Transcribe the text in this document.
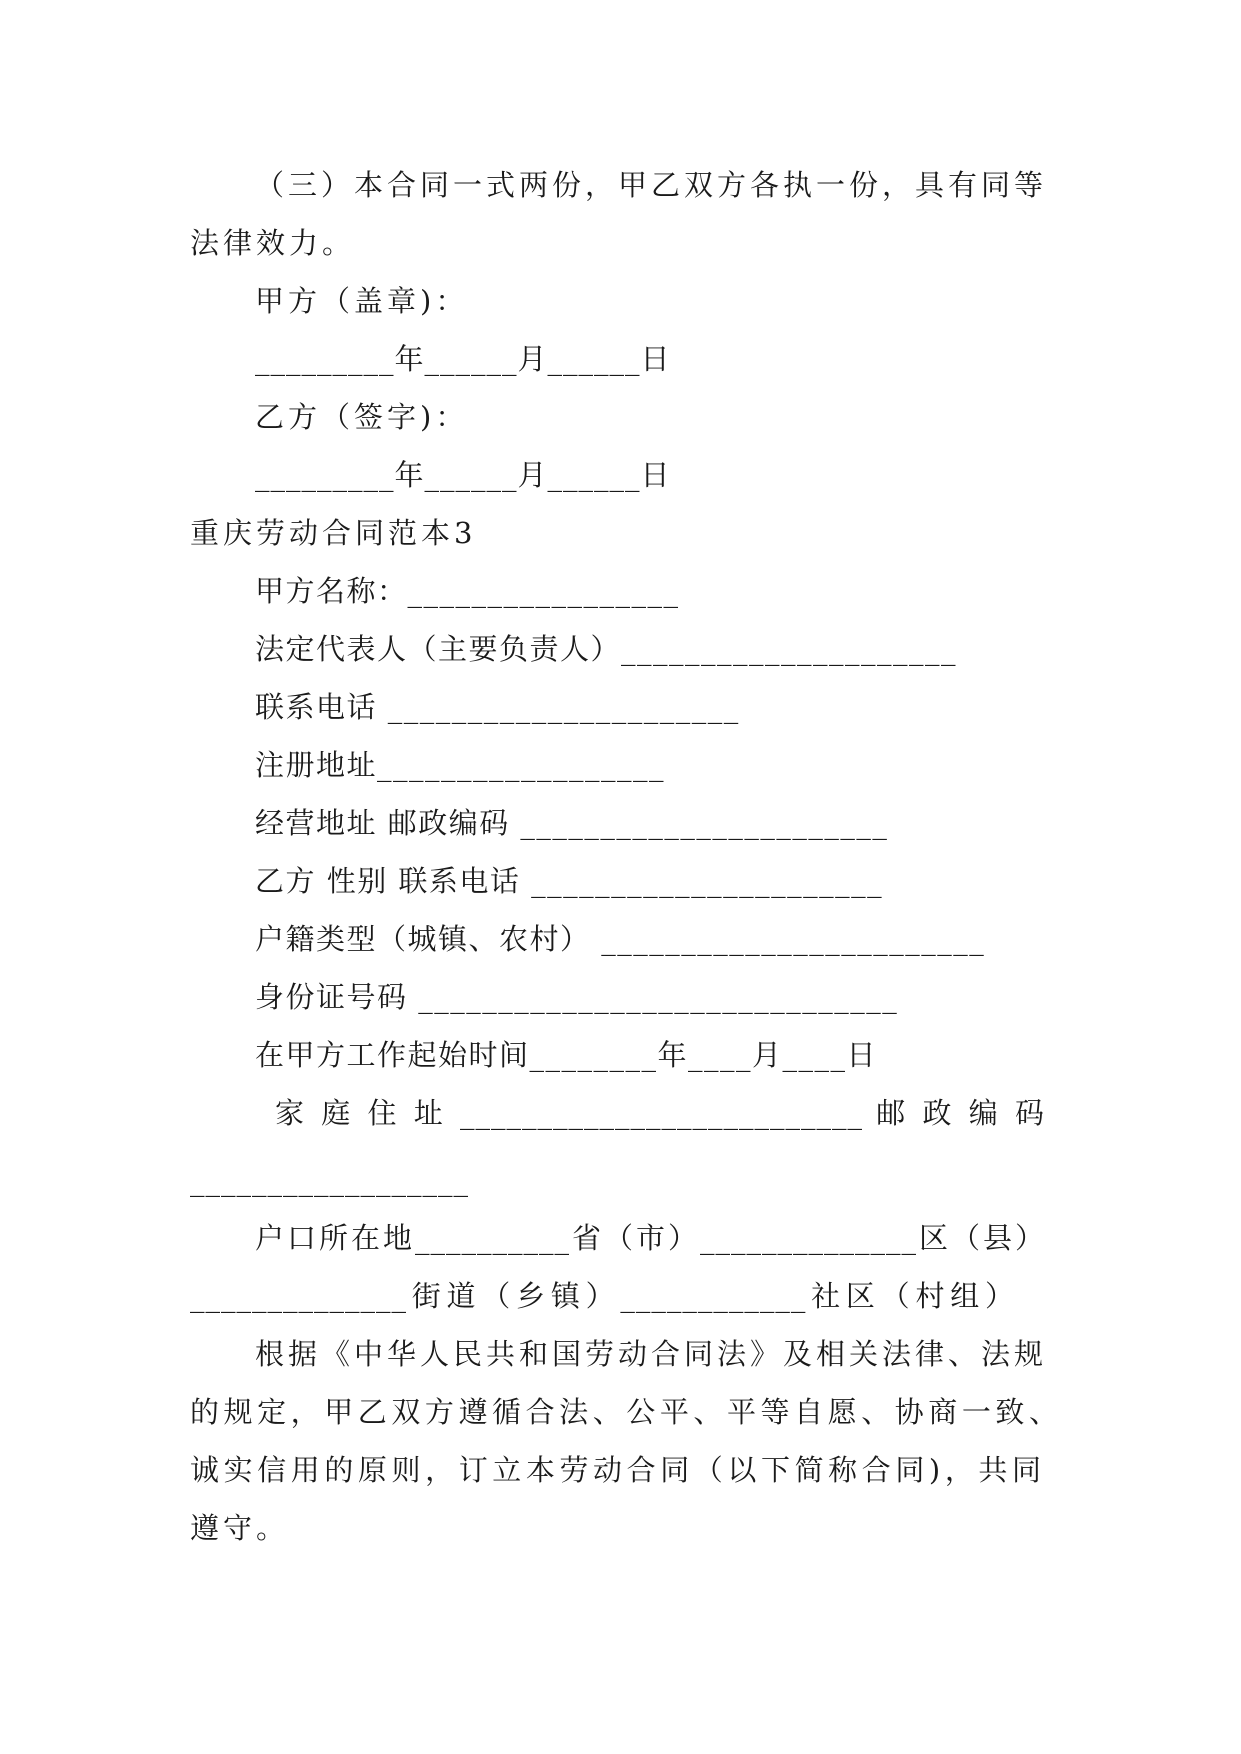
（三）本合同一式两份，甲乙双方各执一份，具有同等
法律效力。
甲方（盖章)：
_________年______月______日
乙方（签字)：
_________年______月______日
重庆劳动合同范本3
甲方名称：_________________
法定代表人（主要负责人）_____________________
联系电话 ______________________
注册地址__________________
经营地址 邮政编码 _______________________
乙方 性别 联系电话 ______________________
户籍类型（城镇、农村） ________________________
身份证号码 ______________________________
在甲方工作起始时间________年____月____日
家 庭 住 址 __________________________ 邮 政 编 码
__________________
户口所在地__________省（市）______________区（县）
______________街道（乡镇）____________社区（村组）
根据《中华人民共和国劳动合同法》及相关法律、法规
的规定，甲乙双方遵循合法、公平、平等自愿、协商一致、
诚实信用的原则，订立本劳动合同（以下简称合同)，共同
遵守。
